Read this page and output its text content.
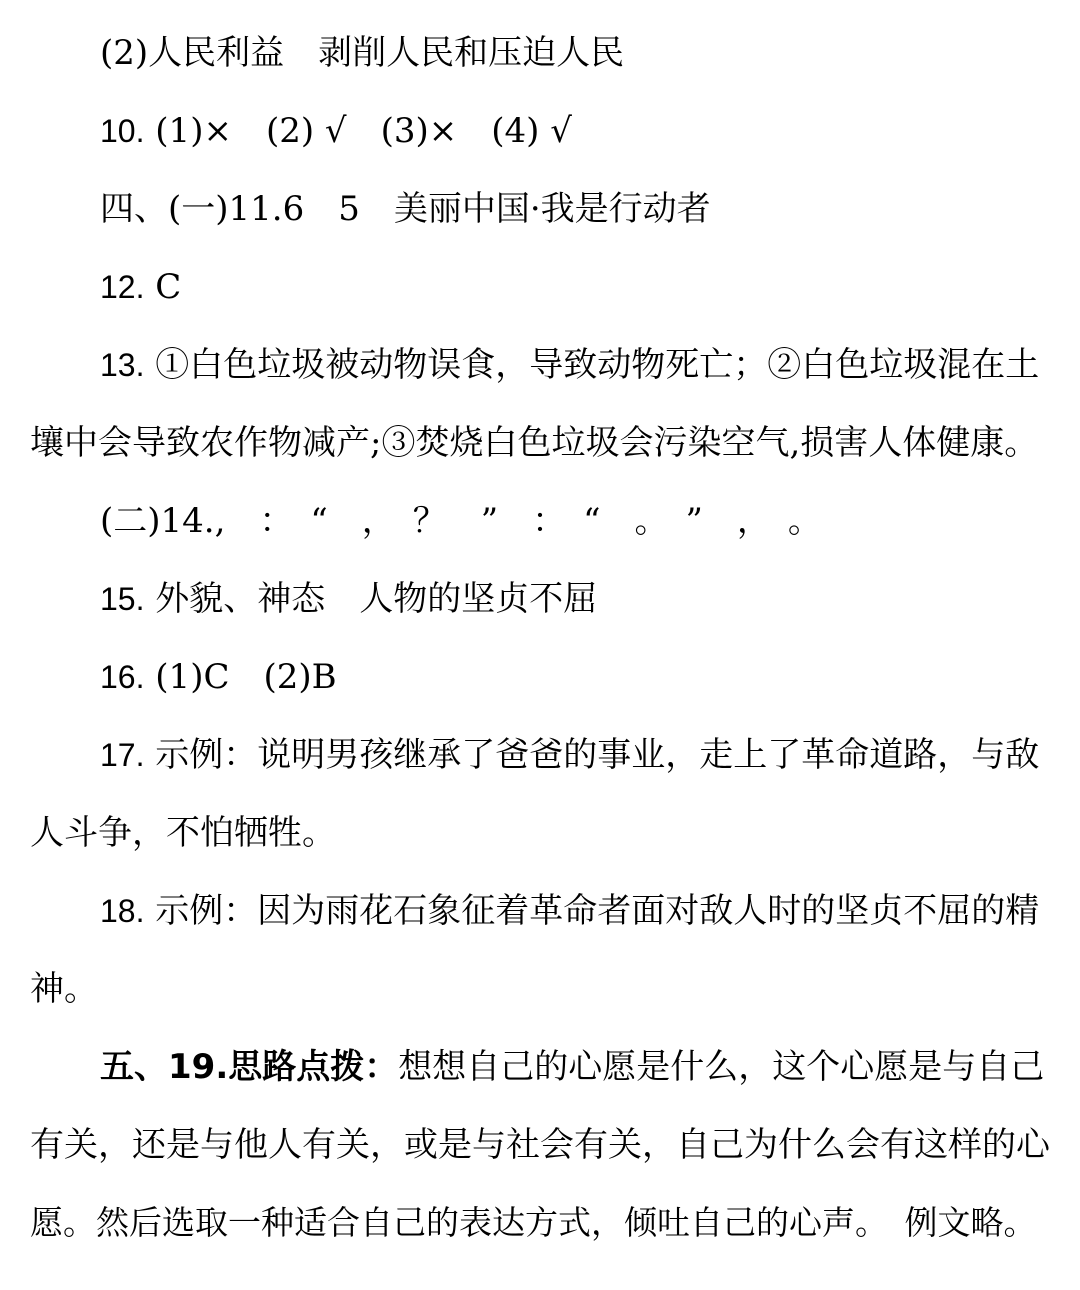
(2)人民利益　剥削人民和压迫人民
10. (1)×　(2) √　(3)×　(4) √
四、(一)11.6　5　美丽中国·我是行动者
12. C
13. ①白色垃圾被动物误食，导致动物死亡；②白色垃圾混在土
壤中会导致农作物减产;③焚烧白色垃圾会污染空气,损害人体健康。
(二)14.,　：　“　，　？　”　：　“　。　”　，　。
15. 外貌、神态　人物的坚贞不屈
16. (1)C　(2)B
17. 示例：说明男孩继承了爸爸的事业，走上了革命道路，与敌
人斗争，不怕牺牲。
18. 示例：因为雨花石象征着革命者面对敌人时的坚贞不屈的精
神。
五、19.思路点拨：想想自己的心愿是什么，这个心愿是与自己
有关，还是与他人有关，或是与社会有关，自己为什么会有这样的心
愿。然后选取一种适合自己的表达方式，倾吐自己的心声。　例文略。
